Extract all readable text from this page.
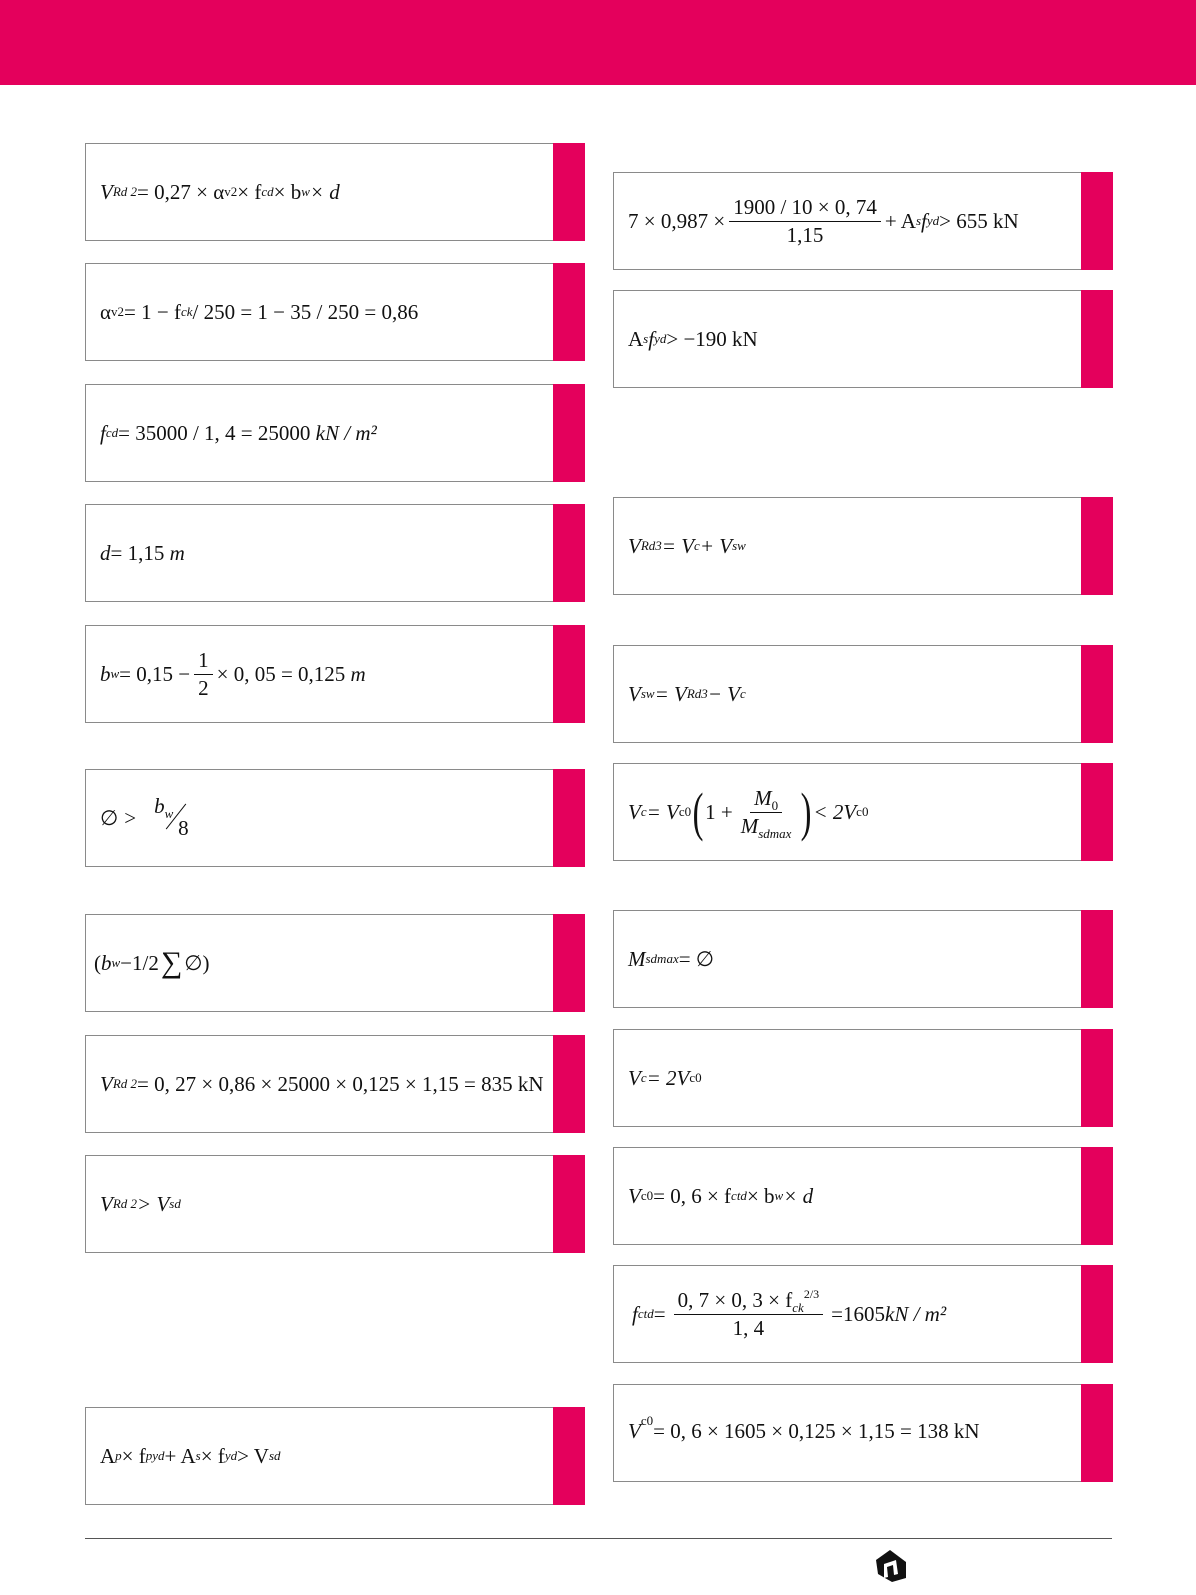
V Rd 2 = 0,27 × α v2 × f cd × b w × d
α v2 = 1 − f ck / 250 = 1 − 35 / 250 = 0,86
f cd = 35000 / 1, 4 = 25000
kN / m²
d = 1,15
m
b $w = 0,15 - \frac{1}{2} \times 0$, 05 = 0,125
m
∅ > $b_w$
8
( b w −1/2 ∑ ∅ )
V Rd 2 = 0, 27 × 0,86 × 25000 × 0,125 × 1,15 = 835 kN
V Rd 2 > V sd
A p × f pyd + A s × f yd > V sd
$7 \times 0,987 \times \frac{1900 / 10 \times 0, 74}{1,15} + A$ s f yd > 655 kN
A s f yd > −190 kN
V Rd3 = V c + V sw
V sw = V Rd3 − V c
V c = V c0 ( $1 + \frac{M_0}{M_{sdmax}}$ ) < 2V c0
M sdmax = ∅
V c = 2V c0
V c0 = 0, 6 × f ctd × b w × d
f ctd = $\frac{0, 7 \times 0, 3 \times f_{ck}^{2/3}}{1, 4} =1605$ kN / m²
V c0 = 0, 6 × 1605 × 0,125 × 1,15 = 138 kN
